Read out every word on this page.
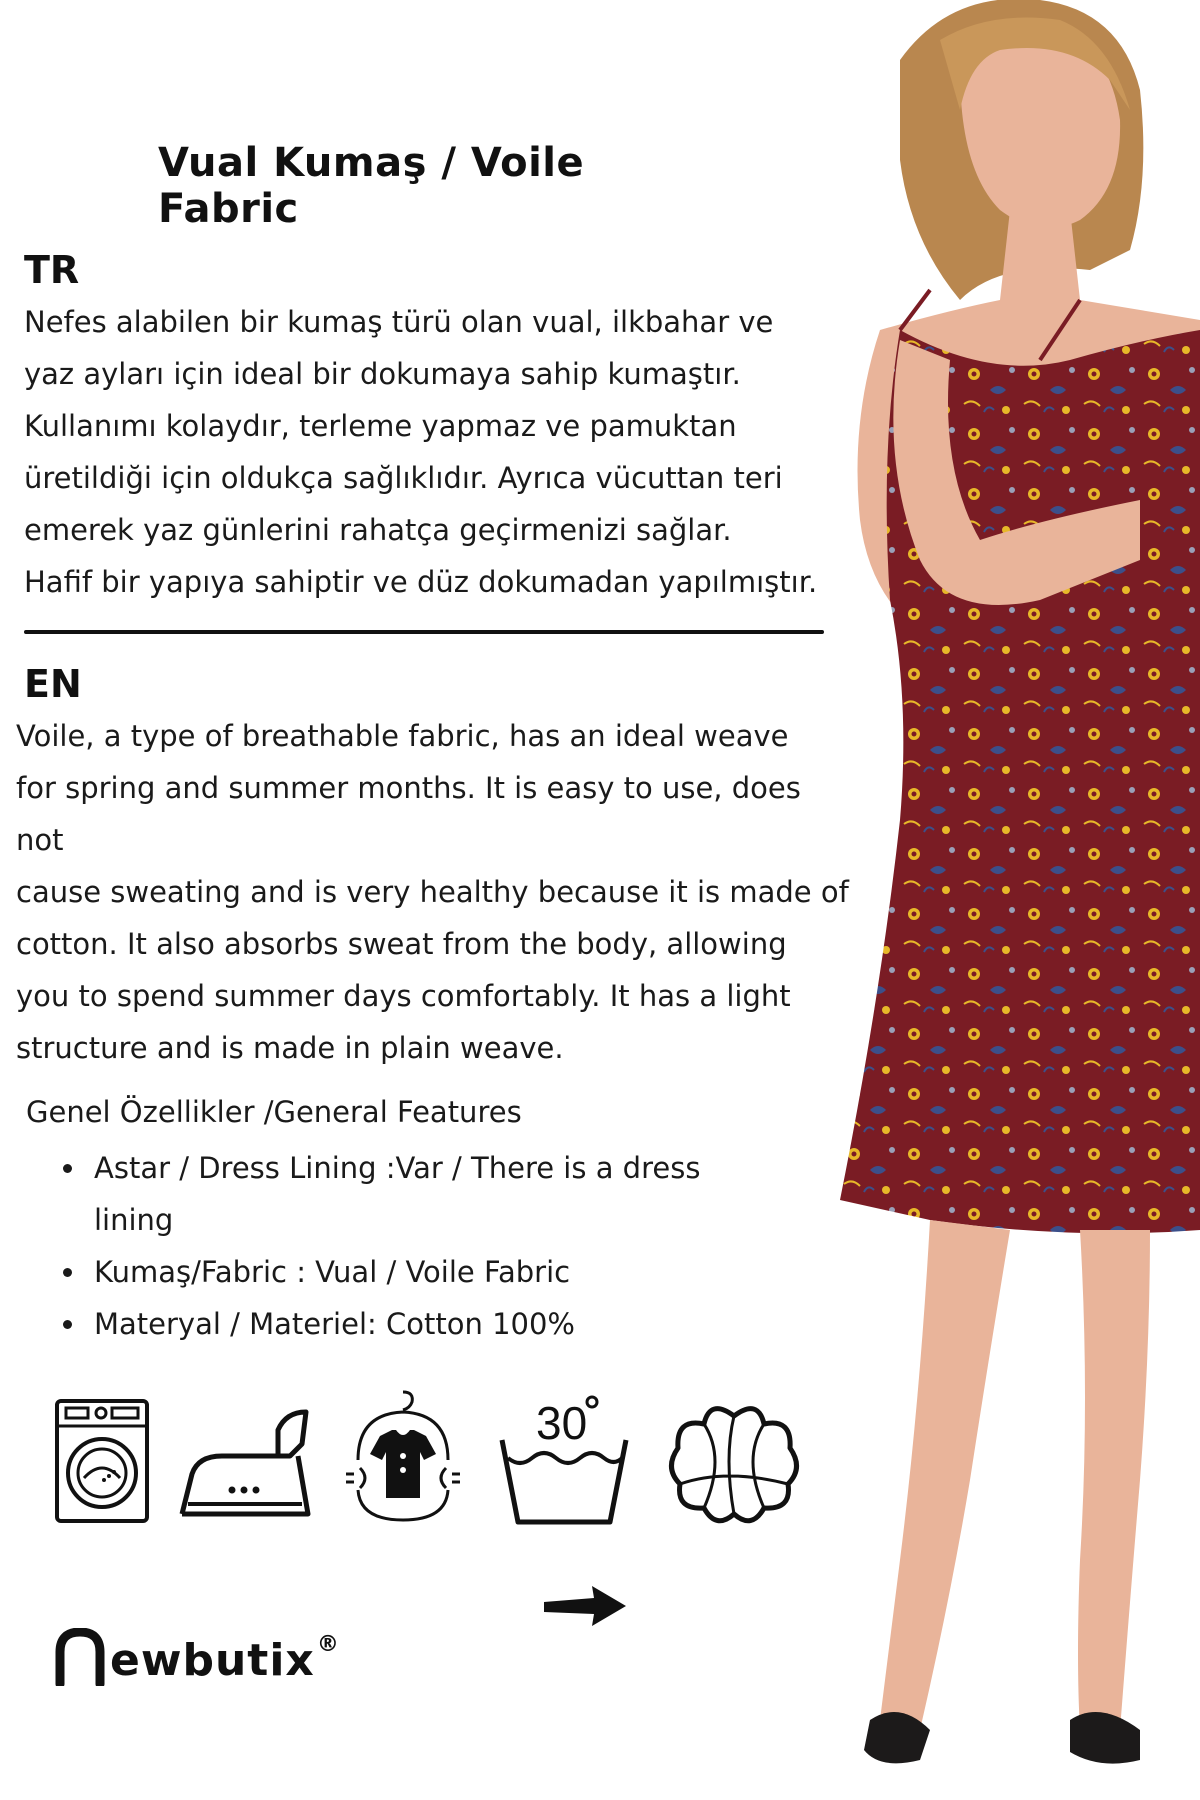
Vual Kumaş / Voile Fabric
TR

Nefes alabilen bir kumaş türü olan vual, ilkbahar ve
yaz ayları için ideal bir dokumaya sahip kumaştır.
Kullanımı kolaydır, terleme yapmaz ve pamuktan
üretildiği için oldukça sağlıklıdır. Ayrıca vücuttan teri
emerek yaz günlerini rahatça geçirmenizi sağlar.
Hafif bir yapıya sahiptir ve düz dokumadan yapılmıştır.

EN

Voile, a type of breathable fabric, has an ideal weave
for spring and summer months. It is easy to use, does not
cause sweating and is very healthy because it is made of
cotton. It also absorbs sweat from the body, allowing
you to spend summer days comfortably. It has a light
structure and is made in plain weave.

Genel Özellikler /General Features
• Astar / Dress Lining :Var / There is a dress lining
• Kumaş/Fabric : Vual / Voile Fabric
• Materyal / Materiel: Cotton 100%
30
ewbutix®
